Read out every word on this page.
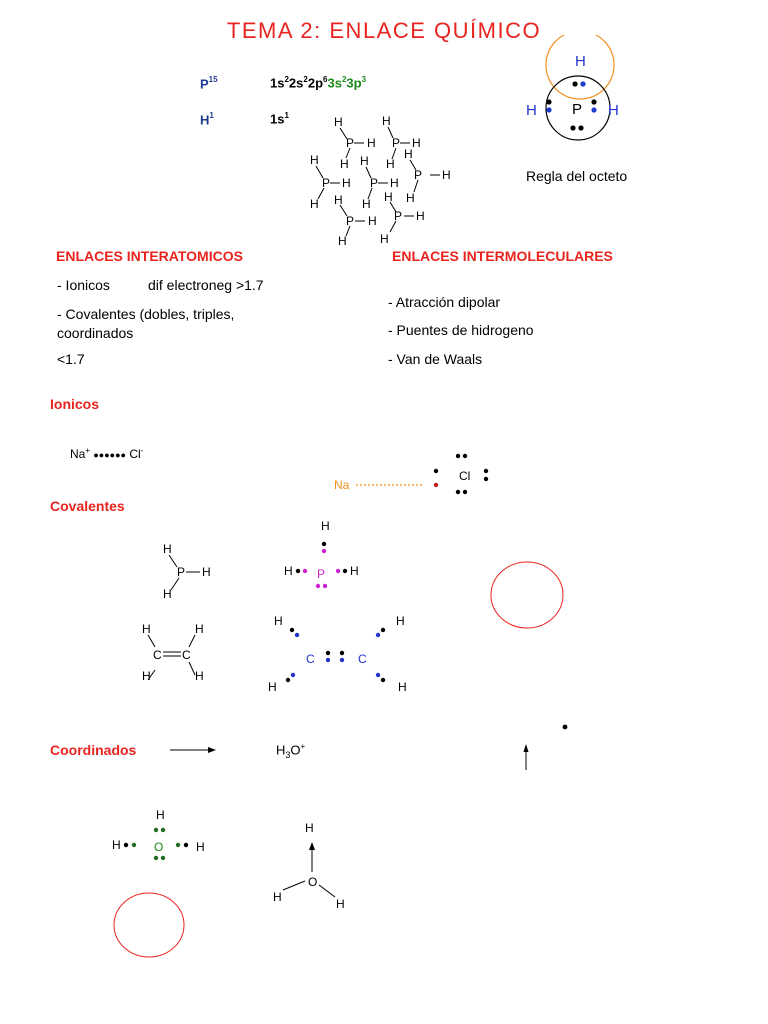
TEMA 2: ENLACE QUÍMICO
$P^{15}$	$1s^22s^22p^63s^23p^3$
$H^1$	$1s^1$	H
P H
H
H
P H
H
H
P H
H
H
P H
H
H
P H
H
H
P H
H
H
P H
H
H
H	H
P
Regla del octeto
ENLACES INTERATOMICOS
- Ionicos	dif electroneg >1.7
- Covalentes (dobles, triples,
coordinados
<1.7
ENLACES INTERMOLECULARES
- Atracción dipolar
- Puentes de hidrogeno
- Van de Waals
Ionicos
Na+ ●●●●●● Cl-
Na
Cl
Covalentes
H
P H
H
H
H P H
H
C C
H
H	H
H	H
C	C
H	H
Coordinados	$H_3O^+$
H
H	O	H
H
O
H	H
